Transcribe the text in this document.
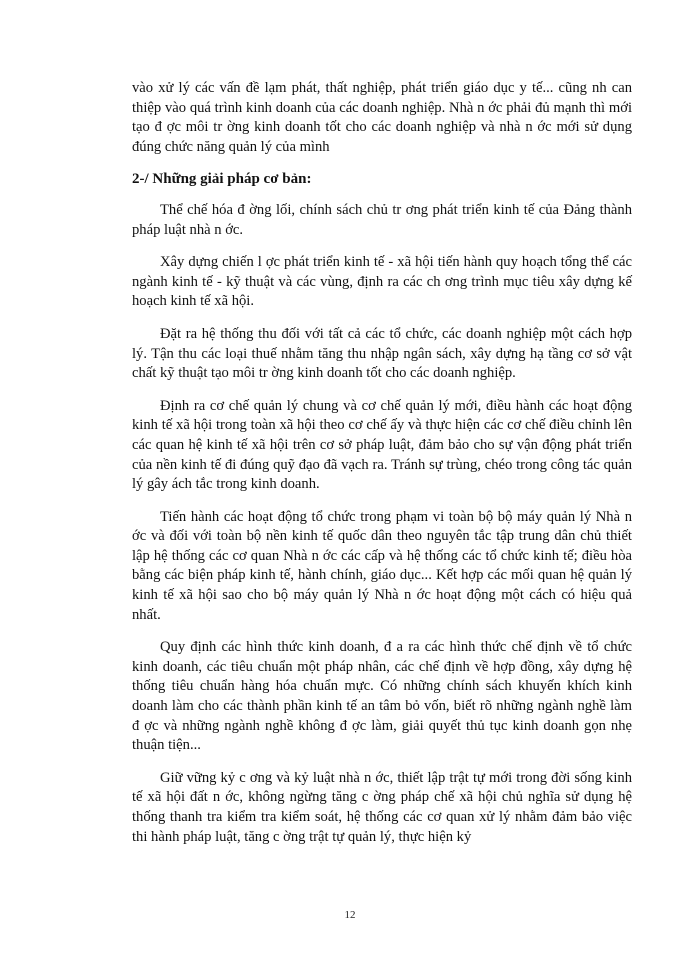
vào xử lý các vấn đề lạm phát, thất nghiệp, phát triển giáo dục y tế... cũng nh can thiệp vào quá trình kinh doanh của các doanh nghiệp. Nhà n ớc phải đủ mạnh thì mới tạo đ ợc môi tr ờng kinh doanh tốt cho các doanh nghiệp và nhà n ớc mới sử dụng đúng chức năng quản lý của mình

2-/ Những giải pháp cơ bản:

Thể chế hóa đ ờng lối, chính sách chủ tr ơng phát triển kinh tế của Đảng thành pháp luật nhà n ớc.

Xây dựng chiến l ợc phát triển kinh tế - xã hội tiến hành quy hoạch tổng thể các ngành kinh tế - kỹ thuật và các vùng, định ra các ch ơng trình mục tiêu xây dựng kế hoạch kinh tế xã hội.

Đặt ra hệ thống thu đối với tất cả các tổ chức, các doanh nghiệp một cách hợp lý. Tận thu các loại thuế nhằm tăng thu nhập ngân sách, xây dựng hạ tầng cơ sở vật chất kỹ thuật tạo môi tr ờng kinh doanh tốt cho các doanh nghiệp.

Định ra cơ chế quản lý chung và cơ chế quản lý mới, điều hành các hoạt động kinh tế xã hội trong toàn xã hội theo cơ chế ấy và thực hiện các cơ chế điều chỉnh lên các quan hệ kinh tế xã hội trên cơ sở pháp luật, đảm bảo cho sự vận động phát triển của nền kinh tế đi đúng quỹ đạo đã vạch ra. Tránh sự trùng, chéo trong công tác quản lý gây ách tắc trong kinh doanh.

Tiến hành các hoạt động tổ chức trong phạm vi toàn bộ bộ máy quản lý Nhà n ớc và đối với toàn bộ nền kinh tế quốc dân theo nguyên tắc tập trung dân chủ thiết lập hệ thống các cơ quan Nhà n ớc các cấp và hệ thống các tổ chức kinh tế; điều hòa bằng các biện pháp kinh tế, hành chính, giáo dục... Kết hợp các mối quan hệ quản lý kinh tế xã hội sao cho bộ máy quản lý Nhà n ớc hoạt động một cách có hiệu quả nhất.

Quy định các hình thức kinh doanh, đ a ra các hình thức chế định về tổ chức kinh doanh, các tiêu chuẩn một pháp nhân, các chế định về hợp đồng, xây dựng hệ thống tiêu chuẩn hàng hóa chuẩn mực. Có những chính sách khuyến khích kinh doanh làm cho các thành phần kinh tế an tâm bỏ vốn, biết rõ những ngành nghề làm đ ợc và những ngành nghề không đ ợc làm, giải quyết thủ tục kinh doanh gọn nhẹ thuận tiện...

Giữ vững kỷ c ơng và kỷ luật nhà n ớc, thiết lập trật tự mới trong đời sống kinh tế xã hội đất n ớc, không ngừng tăng c ờng pháp chế xã hội chủ nghĩa sử dụng hệ thống thanh tra kiểm tra kiểm soát, hệ thống các cơ quan xử lý nhằm đảm bảo việc thi hành pháp luật, tăng c ờng trật tự quản lý, thực hiện kỷ

12
